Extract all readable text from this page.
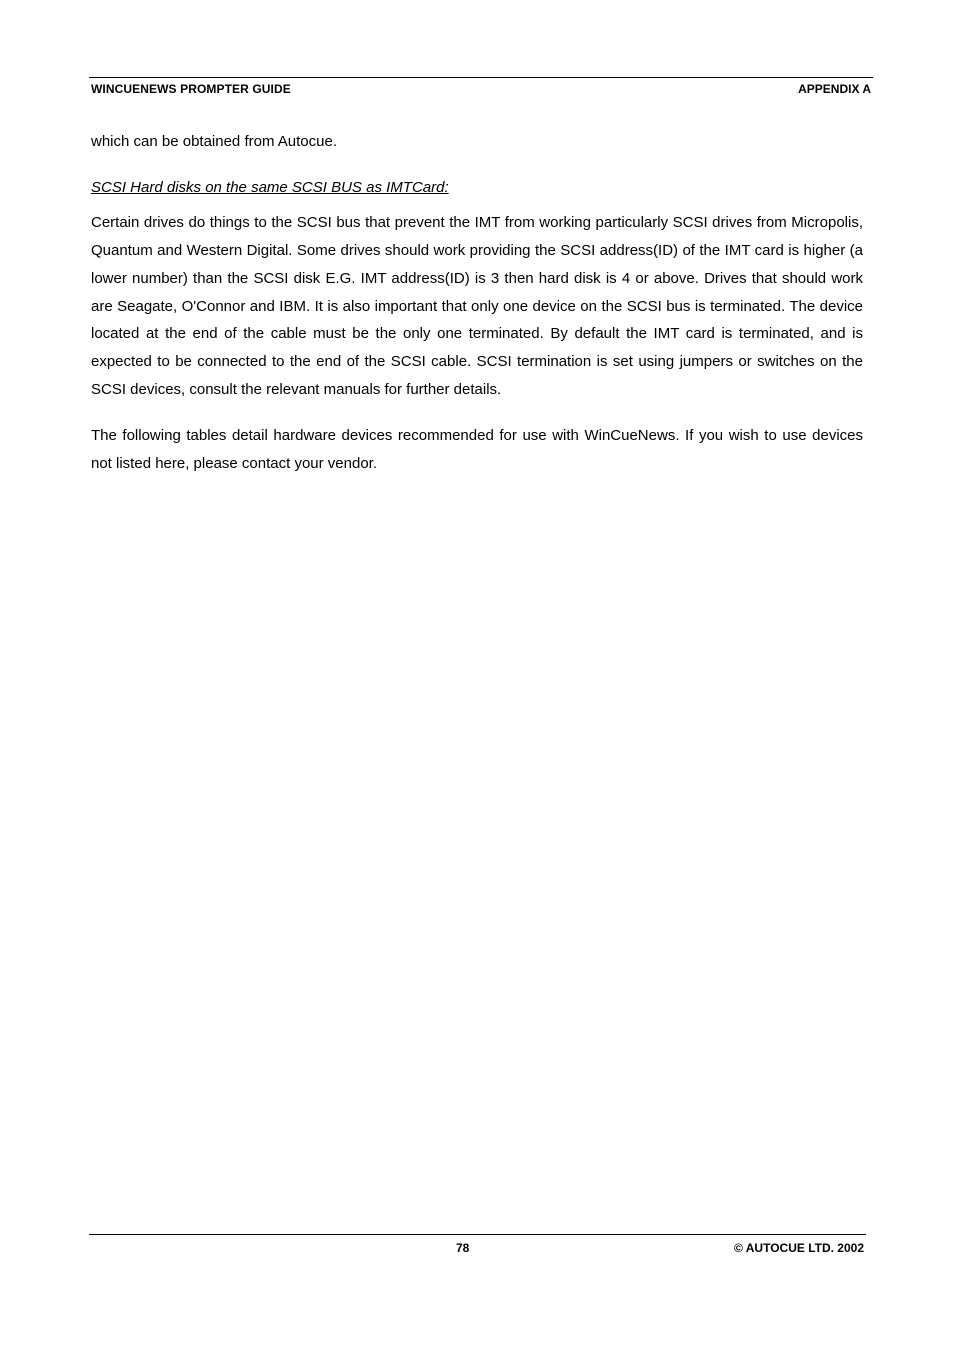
WINCUENEWS PROMPTER GUIDE	APPENDIX A

which can be obtained from Autocue.

SCSI Hard disks on the same SCSI BUS as IMTCard:

Certain drives do things to the SCSI bus that prevent the IMT from working particularly SCSI drives from Micropolis, Quantum and Western Digital. Some drives should work providing the SCSI address(ID) of the IMT card is higher (a lower number) than the SCSI disk E.G. IMT address(ID) is 3 then hard disk is 4 or above. Drives that should work are Seagate, O'Connor and IBM. It is also important that only one device on the SCSI bus is terminated. The device located at the end of the cable must be the only one terminated. By default the IMT card is terminated, and is expected to be connected to the end of the SCSI cable. SCSI termination is set using jumpers or switches on the SCSI devices, consult the relevant manuals for further details.

The following tables detail hardware devices recommended for use with WinCueNews. If you wish to use devices not listed here, please contact your vendor.

78	© AUTOCUE LTD. 2002
